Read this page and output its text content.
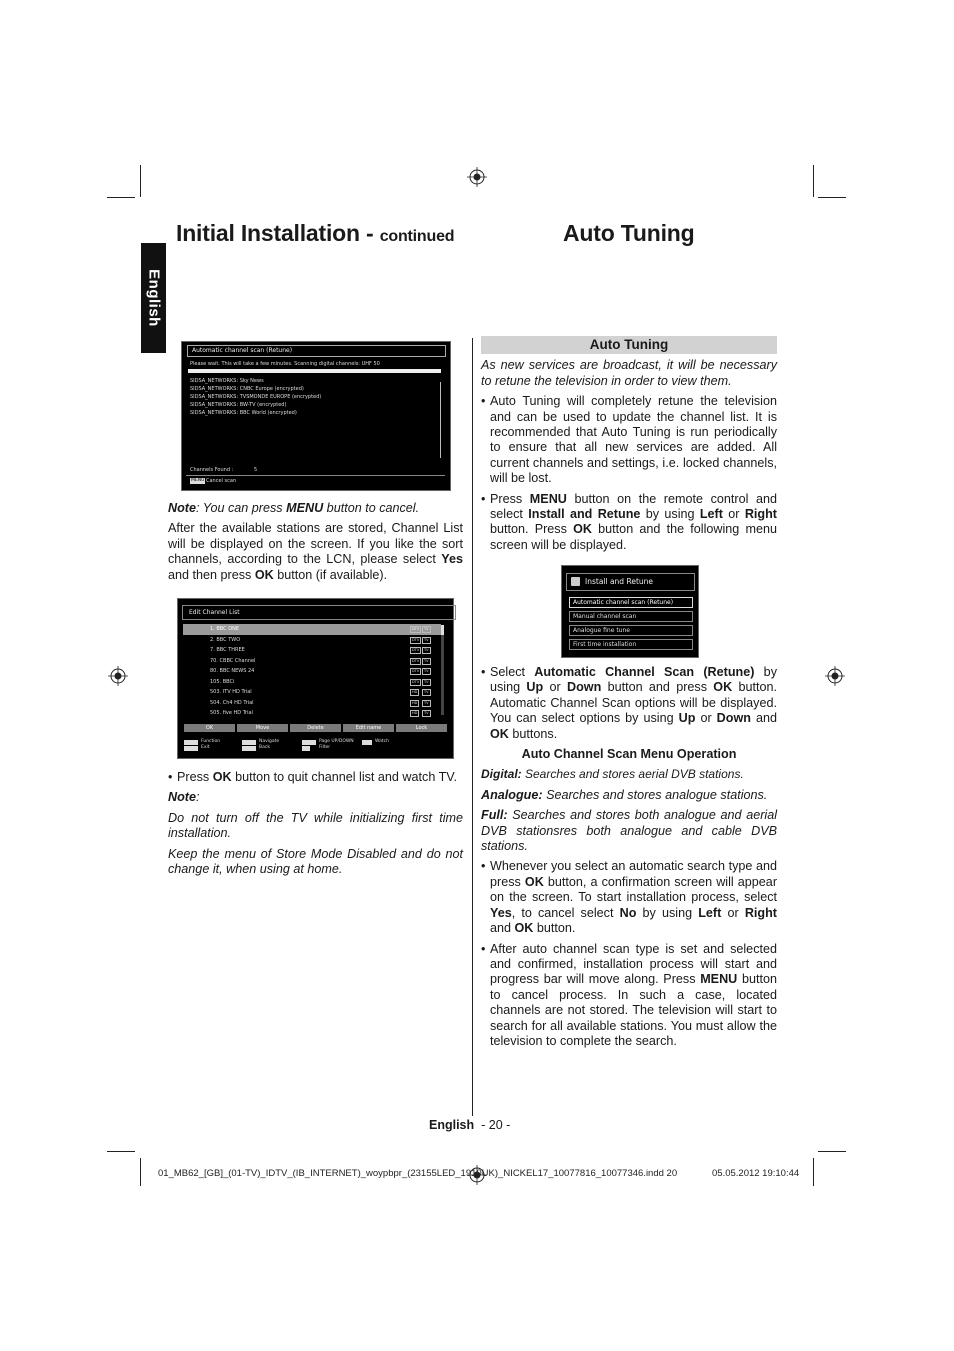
Initial Installation - continued	Auto Tuning
English
Automatic channel scan (Retune)
Please wait. This will take a few minutes. Scanning digital channels: UHF 50
SIDSA_NETWORKS: Sky News
SIDSA_NETWORKS: CNBC Europe (encrypted)
SIDSA_NETWORKS: TVSMONDE EUROPE (encrypted)
SIDSA_NETWORKS: BW-TV (encrypted)
SIDSA_NETWORKS: BBC World (encrypted)
Channels Found :	5
MENU Cancel scan

Note: You can press MENU button to cancel.

After the available stations are stored, Channel List will be displayed on the screen. If you like the sort channels, according to the LCN, please select Yes and then press OK button (if available).

Edit Channel List
1. BBC ONE	DTV	TV
2. BBC TWO	DTV	TV
7. BBC THREE	DTV	TV
70. CBBC Channel	DTV	TV
80. BBC NEWS 24	DTV	TV
105. BBCi	DTV	TV
503. ITV HD Trial	HD	TV
504. Ch4 HD Trial	HD	TV
505. five HD Trial	HD	TV
OK	Move	Delete	Edit name	Lock
Function
Exit
Navigate
Back
Page UP/DOWN
Filter
Watch
• Press OK button to quit channel list and watch TV.

Note:

Do not turn off the TV while initializing first time installation.

Keep the menu of Store Mode Disabled and do not change it, when using at home.

Auto Tuning

As new services are broadcast, it will be necessary to retune the television in order to view them.

• Auto Tuning will completely retune the television and can be used to update the channel list. It is recommended that Auto Tuning is run periodically to ensure that all new services are added. All current channels and settings, i.e. locked channels, will be lost.
• Press MENU button on the remote control and select Install and Retune by using Left or Right button. Press OK button and the following menu screen will be displayed.
Install and Retune
Automatic channel scan (Retune)
Manual channel scan
Analogue fine tune
First time installation
• Select Automatic Channel Scan (Retune) by using Up or Down button and press OK button. Automatic Channel Scan options will be displayed. You can select options by using Up or Down and OK buttons.

Auto Channel Scan Menu Operation

Digital: Searches and stores aerial DVB stations.

Analogue: Searches and stores analogue stations.

Full: Searches and stores both analogue and aerial DVB stationsres both analogue and cable DVB stations.

• Whenever you select an automatic search type and press OK button, a confirmation screen will appear on the screen. To start installation process, select Yes, to cancel select No by using Left or Right and OK button.
• After auto channel scan type is set and selected and confirmed, installation process will start and progress bar will move along. Press MENU button to cancel process. In such a case, located channels are not stored. The television will start to search for all available stations. You must allow the television to complete the search.
English - 20 -
01_MB62_[GB]_(01-TV)_IDTV_(IB_INTERNET)_woypbpr_(23155LED_1910UK)_NICKEL17_10077816_10077346.indd 20	05.05.2012 19:10:44
